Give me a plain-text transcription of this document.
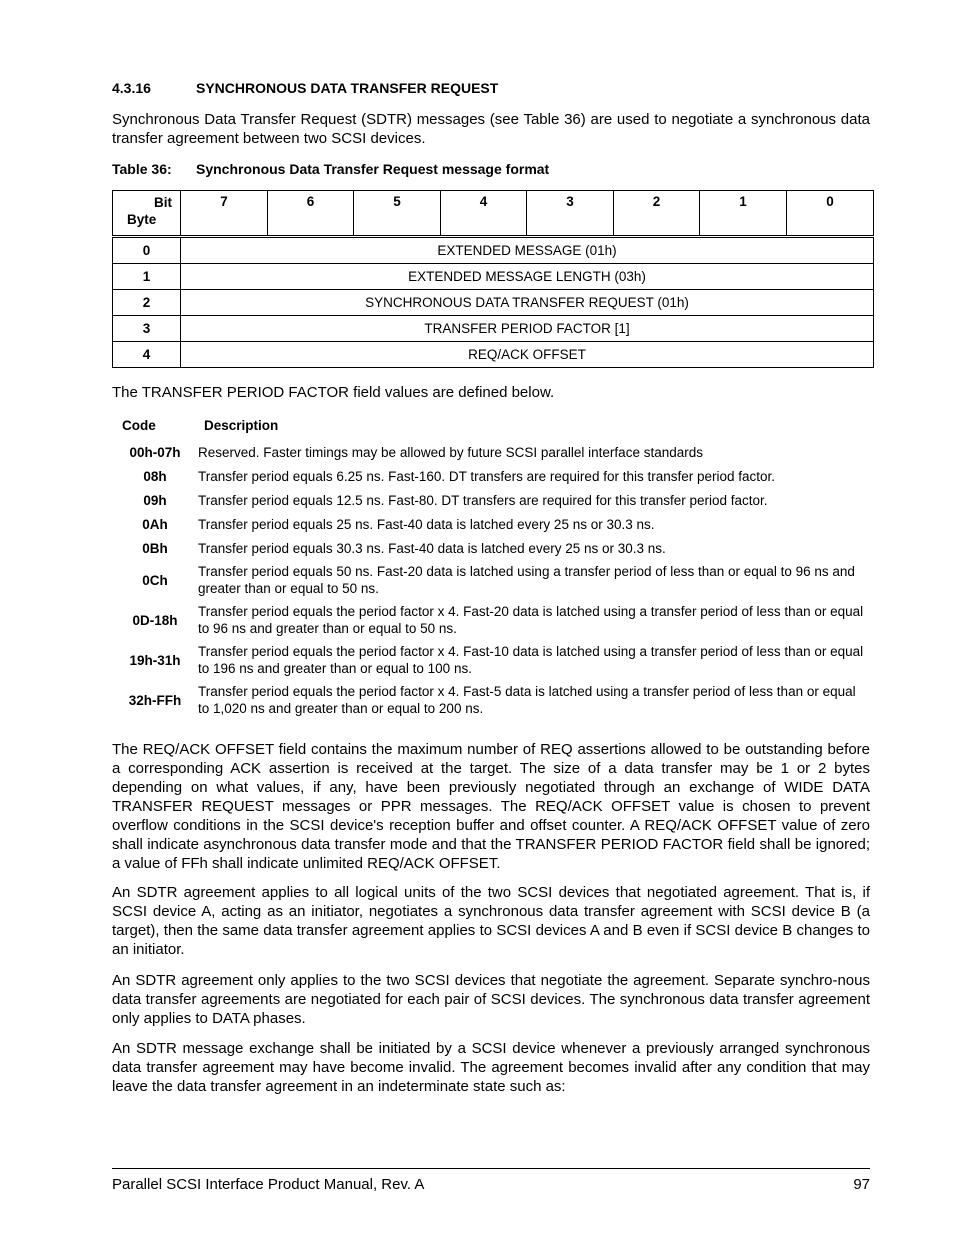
4.3.16	SYNCHRONOUS DATA TRANSFER REQUEST

Synchronous Data Transfer Request (SDTR) messages (see Table 36) are used to negotiate a synchronous data transfer agreement between two SCSI devices.

Table 36: Synchronous Data Transfer Request message format
Bit
Byte	7	6	5	4	3	2	1	0
0	EXTENDED MESSAGE (01h)							
1	EXTENDED MESSAGE LENGTH (03h)							
2	SYNCHRONOUS DATA TRANSFER REQUEST (01h)							
3	TRANSFER PERIOD FACTOR [1]							
4	REQ/ACK OFFSET							

The TRANSFER PERIOD FACTOR field values are defined below.

Code	Description
00h-07h	Reserved. Faster timings may be allowed by future SCSI parallel interface standards
08h	Transfer period equals 6.25 ns. Fast-160. DT transfers are required for this transfer period factor.
09h	Transfer period equals 12.5 ns. Fast-80. DT transfers are required for this transfer period factor.
0Ah	Transfer period equals 25 ns. Fast-40 data is latched every 25 ns or 30.3 ns.
0Bh	Transfer period equals 30.3 ns. Fast-40 data is latched every 25 ns or 30.3 ns.
0Ch	Transfer period equals 50 ns. Fast-20 data is latched using a transfer period of less than or equal to 96 ns and greater than or equal to 50 ns.
0D-18h	Transfer period equals the period factor x 4. Fast-20 data is latched using a transfer period of less than or equal to 96 ns and greater than or equal to 50 ns.
19h-31h	Transfer period equals the period factor x 4. Fast-10 data is latched using a transfer period of less than or equal to 196 ns and greater than or equal to 100 ns.
32h-FFh	Transfer period equals the period factor x 4. Fast-5 data is latched using a transfer period of less than or equal to 1,020 ns and greater than or equal to 200 ns.

The REQ/ACK OFFSET field contains the maximum number of REQ assertions allowed to be outstanding before a corresponding ACK assertion is received at the target. The size of a data transfer may be 1 or 2 bytes depending on what values, if any, have been previously negotiated through an exchange of WIDE DATA TRANSFER REQUEST messages or PPR messages. The REQ/ACK OFFSET value is chosen to prevent overflow conditions in the SCSI device's reception buffer and offset counter. A REQ/ACK OFFSET value of zero shall indicate asynchronous data transfer mode and that the TRANSFER PERIOD FACTOR field shall be ignored; a value of FFh shall indicate unlimited REQ/ACK OFFSET.

An SDTR agreement applies to all logical units of the two SCSI devices that negotiated agreement. That is, if SCSI device A, acting as an initiator, negotiates a synchronous data transfer agreement with SCSI device B (a target), then the same data transfer agreement applies to SCSI devices A and B even if SCSI device B changes to an initiator.

An SDTR agreement only applies to the two SCSI devices that negotiate the agreement. Separate synchro-nous data transfer agreements are negotiated for each pair of SCSI devices. The synchronous data transfer agreement only applies to DATA phases.

An SDTR message exchange shall be initiated by a SCSI device whenever a previously arranged synchronous data transfer agreement may have become invalid. The agreement becomes invalid after any condition that may leave the data transfer agreement in an indeterminate state such as:

Parallel SCSI Interface Product Manual, Rev. A	97
